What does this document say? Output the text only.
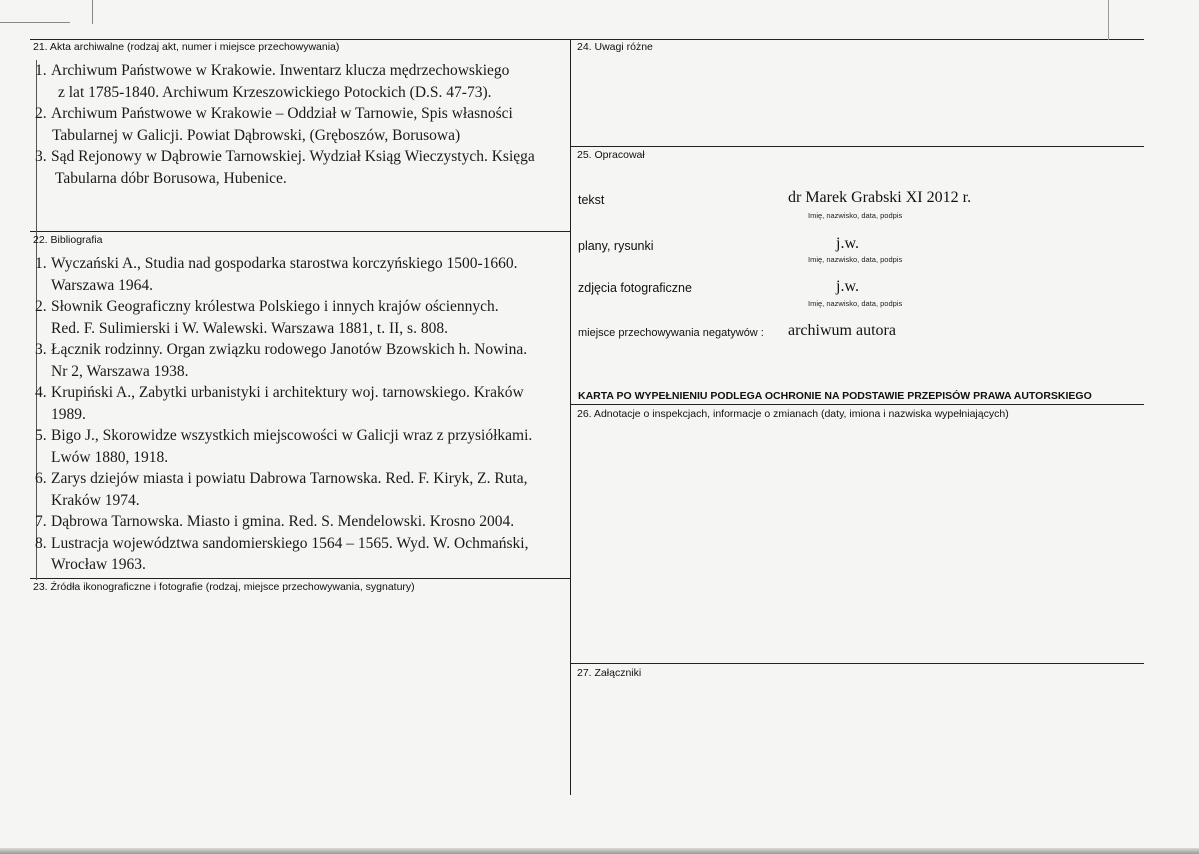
21. Akta archiwalne (rodzaj akt, numer i miejsce przechowywania)
1. Archiwum Państwowe w Krakowie. Inwentarz klucza mędrzechowskiego
z lat 1785-1840. Archiwum Krzeszowickiego Potockich (D.S. 47-73).
2. Archiwum Państwowe w Krakowie – Oddział w Tarnowie, Spis własności
Tabularnej w Galicji. Powiat Dąbrowski, (Gręboszów, Borusowa)
3. Sąd Rejonowy w Dąbrowie Tarnowskiej. Wydział Ksiąg Wieczystych. Księga
Tabularna dóbr Borusowa, Hubenice.
22. Bibliografia
1. Wyczański A., Studia nad gospodarka starostwa korczyńskiego 1500-1660.
Warszawa 1964.
2. Słownik Geograficzny królestwa Polskiego i innych krajów ościennych.
Red. F. Sulimierski i W. Walewski. Warszawa 1881, t. II, s. 808.
3. Łącznik rodzinny. Organ związku rodowego Janotów Bzowskich h. Nowina.
Nr 2, Warszawa 1938.
4. Krupiński A., Zabytki urbanistyki i architektury woj. tarnowskiego. Kraków
1989.
5. Bigo J., Skorowidze wszystkich miejscowości w Galicji wraz z przysiółkami.
Lwów 1880, 1918.
6. Zarys dziejów miasta i powiatu Dabrowa Tarnowska. Red. F. Kiryk, Z. Ruta,
Kraków 1974.
7. Dąbrowa Tarnowska. Miasto i gmina. Red. S. Mendelowski. Krosno 2004.
8. Lustracja województwa sandomierskiego 1564 – 1565. Wyd. W. Ochmański,
Wrocław 1963.
23. Źródła ikonograficzne i fotografie (rodzaj, miejsce przechowywania, sygnatury)
24. Uwagi różne
25. Opracował
tekst	dr Marek Grabski XI 2012 r.
Imię, nazwisko, data, podpis
plany, rysunki	j.w.
Imię, nazwisko, data, podpis
zdjęcia fotograficzne	j.w.
Imię, nazwisko, data, podpis
miejsce przechowywania negatywów : archiwum autora
KARTA PO WYPEŁNIENIU PODLEGA OCHRONIE NA PODSTAWIE PRZEPISÓW PRAWA AUTORSKIEGO
26. Adnotacje o inspekcjach, informacje o zmianach (daty, imiona i nazwiska wypełniających)
27. Załączniki
